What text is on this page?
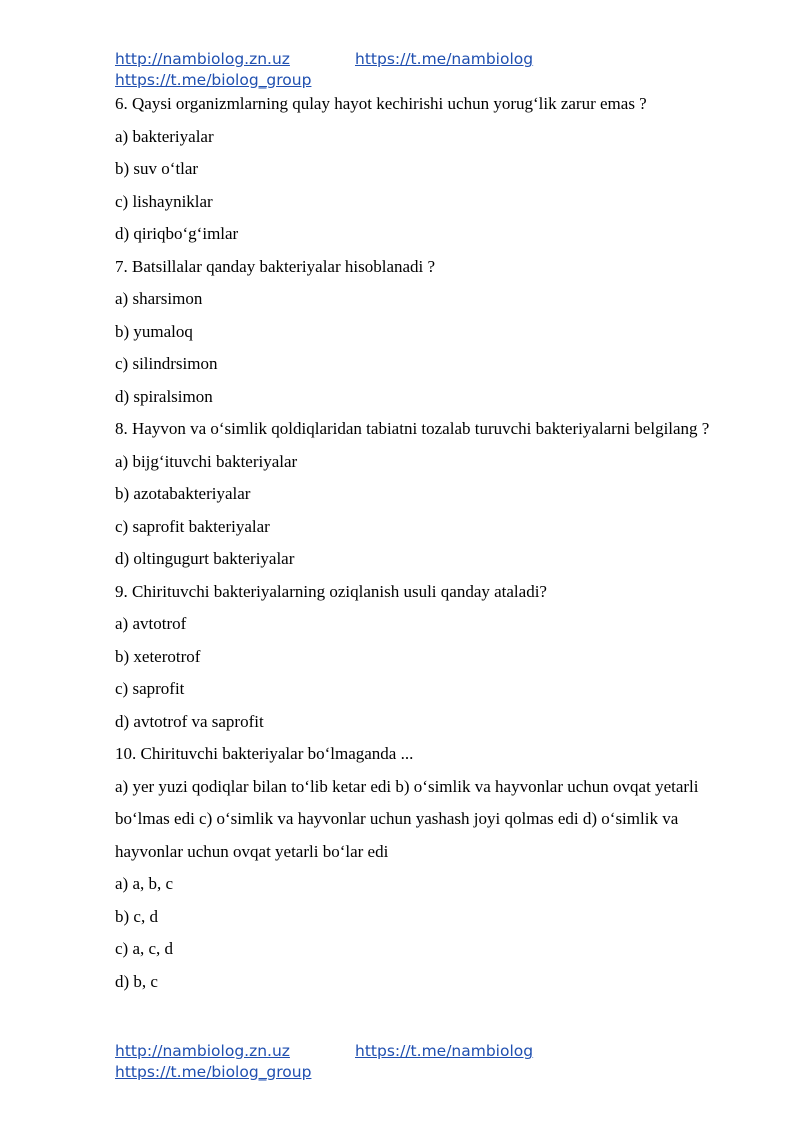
http://nambiolog.zn.uz	https://t.me/nambiolog
https://t.me/biolog_group
6. Qaysi organizmlarning qulay hayot kechirishi uchun yorug‘lik zarur emas ?
a) bakteriyalar
b) suv o‘tlar
c) lishayniklar
d) qiriqbo‘g‘imlar
7. Batsillalar qanday bakteriyalar hisoblanadi ?
a) sharsimon
b) yumaloq
c) silindrsimon
d) spiralsimon
8. Hayvon va o‘simlik qoldiqlaridan tabiatni tozalab turuvchi bakteriyalarni belgilang ?
a) bijg‘ituvchi bakteriyalar
b) azotabakteriyalar
c) saprofit bakteriyalar
d) oltingugurt bakteriyalar
9. Chirituvchi bakteriyalarning oziqlanish usuli qanday ataladi?
a) avtotrof
b) xeterotrof
c) saprofit
d) avtotrof va saprofit
10. Chirituvchi bakteriyalar bo‘lmaganda ...
a) yer yuzi qodiqlar bilan to‘lib ketar edi b) o‘simlik va hayvonlar uchun ovqat yetarli bo‘lmas edi c) o‘simlik va hayvonlar uchun yashash joyi qolmas edi d) o‘simlik va hayvonlar uchun ovqat yetarli bo‘lar edi
a) a, b, c
b) c, d
c) a, c, d
d) b, c
http://nambiolog.zn.uz	https://t.me/nambiolog
https://t.me/biolog_group
